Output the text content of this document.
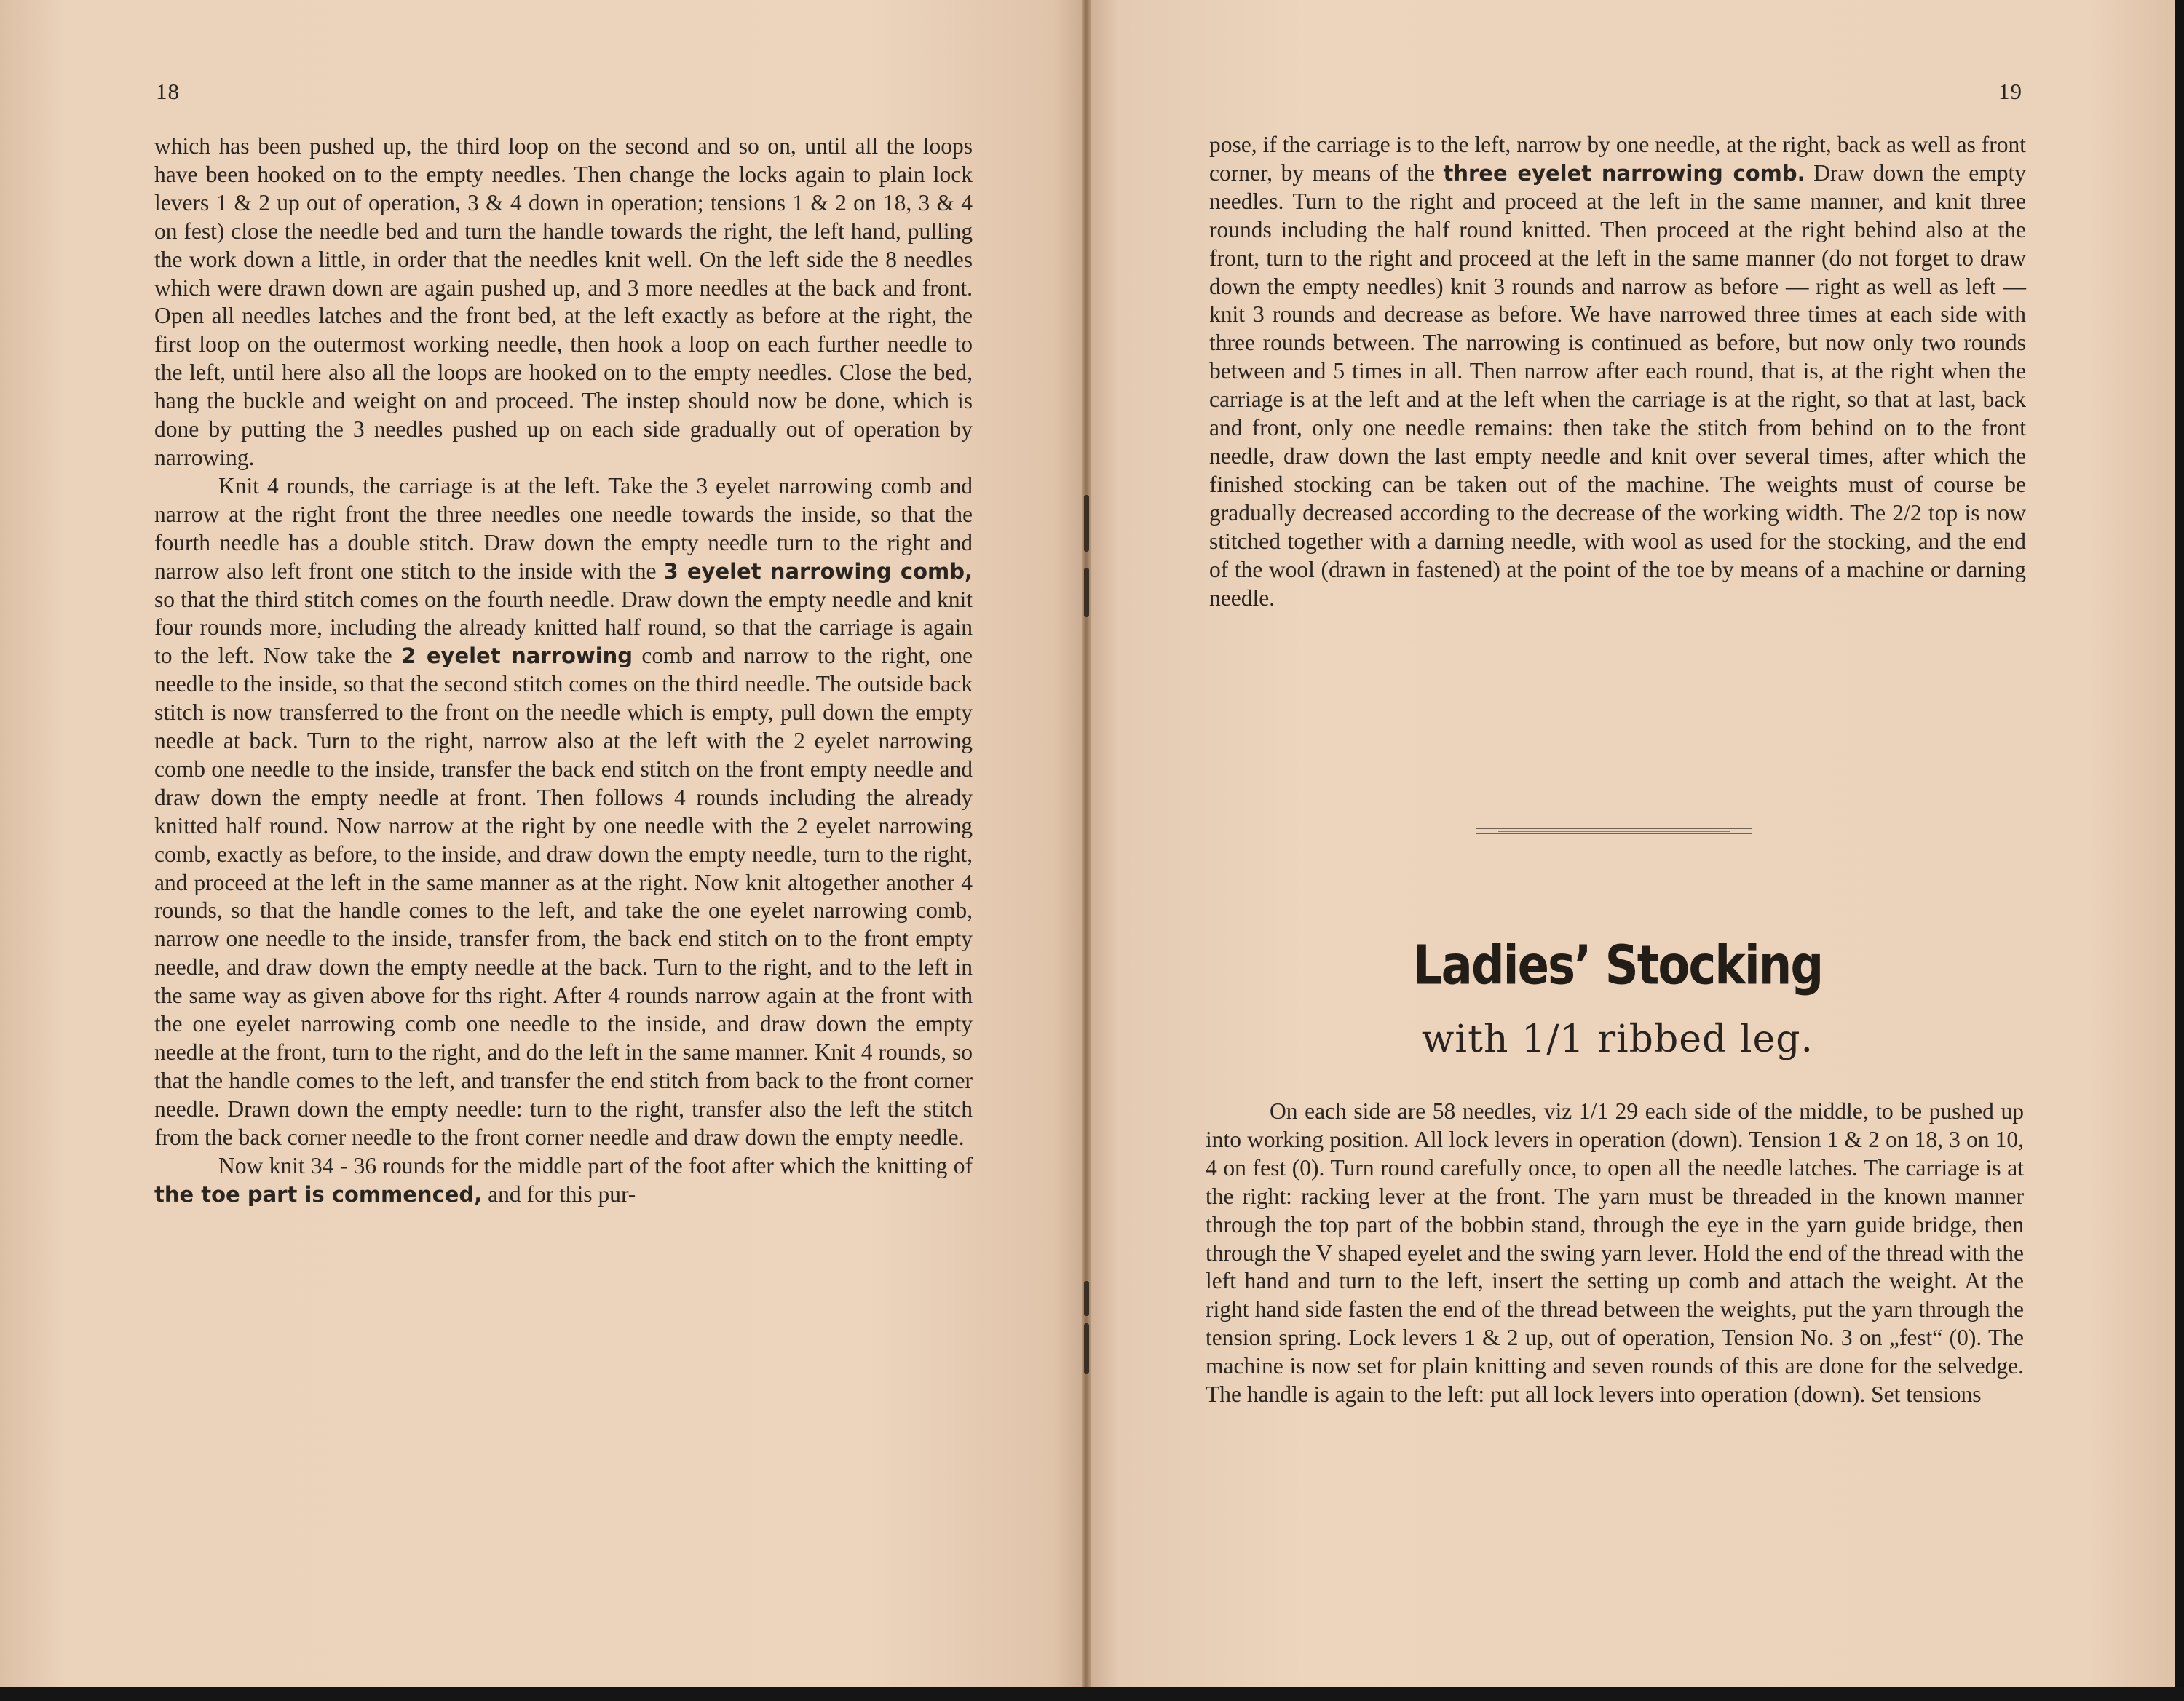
18

which has been pushed up, the third loop on the second and so on, until all the loops have been hooked on to the empty needles. Then change the locks again to plain lock levers 1 & 2 up out of operation, 3 & 4 down in operation; tensions 1 & 2 on 18, 3 & 4 on fest) close the needle bed and turn the handle towards the right, the left hand, pulling the work down a little, in order that the needles knit well. On the left side the 8 needles which were drawn down are again pushed up, and 3 more needles at the back and front. Open all needles latches and the front bed, at the left exactly as before at the right, the first loop on the outermost working needle, then hook a loop on each further needle to the left, until here also all the loops are hooked on to the empty needles. Close the bed, hang the buckle and weight on and proceed. The instep should now be done, which is done by putting the 3 needles pushed up on each side gradually out of operation by narrowing.

Knit 4 rounds, the carriage is at the left. Take the 3 eyelet narrowing comb and narrow at the right front the three needles one needle towards the inside, so that the fourth needle has a double stitch. Draw down the empty needle turn to the right and narrow also left front one stitch to the inside with the 3 eyelet narrowing comb, so that the third stitch comes on the fourth needle. Draw down the empty needle and knit four rounds more, including the already knitted half round, so that the carriage is again to the left. Now take the 2 eyelet narrowing comb and narrow to the right, one needle to the inside, so that the second stitch comes on the third needle. The outside back stitch is now transferred to the front on the needle which is empty, pull down the empty needle at back. Turn to the right, narrow also at the left with the 2 eyelet narrowing comb one needle to the inside, transfer the back end stitch on the front empty needle and draw down the empty needle at front. Then follows 4 rounds including the already knitted half round. Now narrow at the right by one needle with the 2 eyelet narrowing comb, exactly as before, to the inside, and draw down the empty needle, turn to the right, and proceed at the left in the same manner as at the right. Now knit altogether another 4 rounds, so that the handle comes to the left, and take the one eyelet narrowing comb, narrow one needle to the inside, transfer from, the back end stitch on to the front empty needle, and draw down the empty needle at the back. Turn to the right, and to the left in the same way as given above for ths right. After 4 rounds narrow again at the front with the one eyelet narrowing comb one needle to the inside, and draw down the empty needle at the front, turn to the right, and do the left in the same manner. Knit 4 rounds, so that the handle comes to the left, and transfer the end stitch from back to the front corner needle. Drawn down the empty needle: turn to the right, transfer also the left the stitch from the back corner needle to the front corner needle and draw down the empty needle.

Now knit 34 - 36 rounds for the middle part of the foot after which the knitting of the toe part is commenced, and for this pur-

19

pose, if the carriage is to the left, narrow by one needle, at the right, back as well as front corner, by means of the three eyelet narrowing comb. Draw down the empty needles. Turn to the right and proceed at the left in the same manner, and knit three rounds including the half round knitted. Then proceed at the right behind also at the front, turn to the right and proceed at the left in the same manner (do not forget to draw down the empty needles) knit 3 rounds and narrow as before — right as well as left — knit 3 rounds and decrease as before. We have narrowed three times at each side with three rounds between. The narrowing is continued as before, but now only two rounds between and 5 times in all. Then narrow after each round, that is, at the right when the carriage is at the left and at the left when the carriage is at the right, so that at last, back and front, only one needle remains: then take the stitch from behind on to the front needle, draw down the last empty needle and knit over several times, after which the finished stocking can be taken out of the machine. The weights must of course be gradually decreased according to the decrease of the working width. The 2/2 top is now stitched together with a darning needle, with wool as used for the stocking, and the end of the wool (drawn in fastened) at the point of the toe by means of a machine or darning needle.

Ladies’ Stocking
with 1/1 ribbed leg.

On each side are 58 needles, viz 1/1 29 each side of the middle, to be pushed up into working position. All lock levers in operation (down). Tension 1 & 2 on 18, 3 on 10, 4 on fest (0). Turn round carefully once, to open all the needle latches. The carriage is at the right: racking lever at the front. The yarn must be threaded in the known manner through the top part of the bobbin stand, through the eye in the yarn guide bridge, then through the V shaped eyelet and the swing yarn lever. Hold the end of the thread with the left hand and turn to the left, insert the setting up comb and attach the weight. At the right hand side fasten the end of the thread between the weights, put the yarn through the tension spring. Lock levers 1 & 2 up, out of operation, Tension No. 3 on „fest“ (0). The machine is now set for plain knitting and seven rounds of this are done for the selvedge. The handle is again to the left: put all lock levers into operation (down). Set tensions
